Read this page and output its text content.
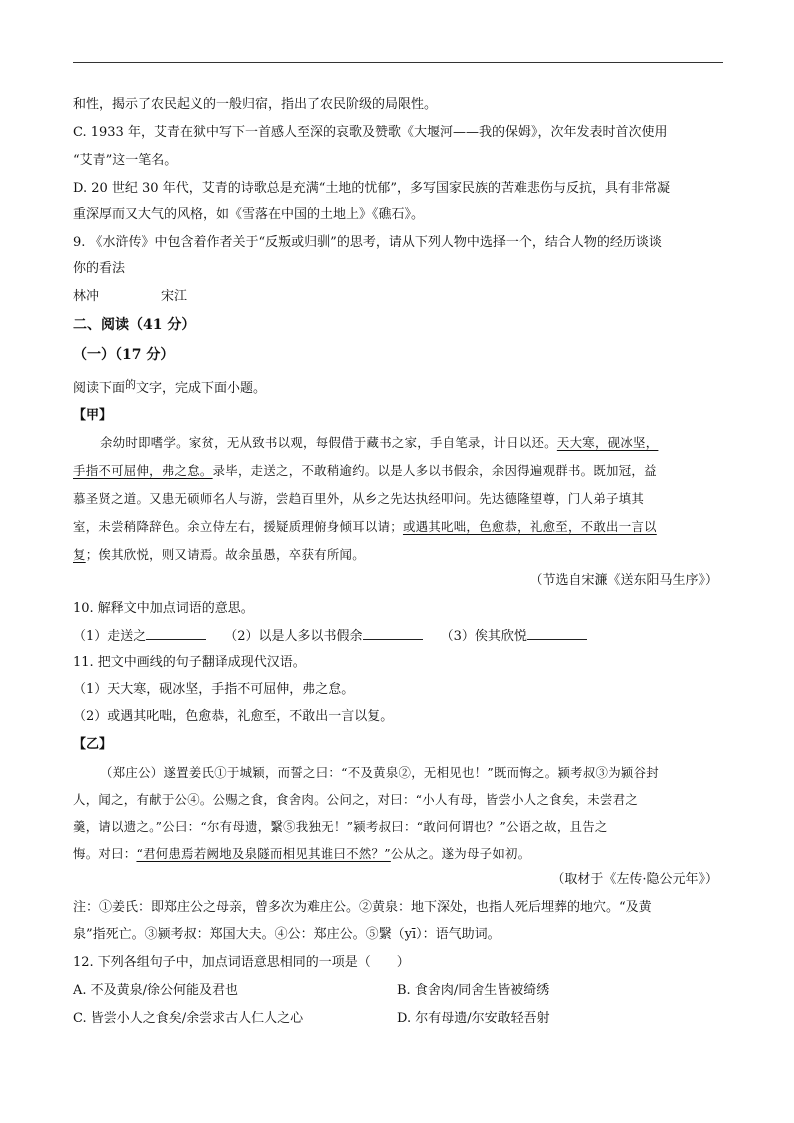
和性，揭示了农民起义的一般归宿，指出了农民阶级的局限性。
C. 1933 年，艾青在狱中写下一首感人至深的哀歌及赞歌《大堰河——我的保姆》，次年发表时首次使用
“艾青”这一笔名。
D. 20 世纪 30 年代，艾青的诗歌总是充满“土地的忧郁”，多写国家民族的苦难悲伤与反抗，具有非常凝
重深厚而又大气的风格，如《雪落在中国的土地上》《礁石》。
9. 《水浒传》中包含着作者关于“反叛或归驯”的思考，请从下列人物中选择一个，结合人物的经历谈谈
你的看法
林冲	宋江
二、阅读（41 分）
（一）（17 分）
阅读下面$^的$文字，完成下面小题。
【甲】
余幼时即嗜学。家贫，无从致书以观，每假借于藏书之家，手自笔录，计日以还。天大寒，砚冰坚，
手指不可屈伸，弗之怠。录毕，走送之，不敢稍逾约。以是人多以书假余，余因得遍观群书。既加冠，益
慕圣贤之道。又患无硕师名人与游，尝趋百里外，从乡之先达执经叩问。先达德隆望尊，门人弟子填其
室，未尝稍降辞色。余立侍左右，援疑质理俯身倾耳以请；或遇其叱咄，色愈恭，礼愈至，不敢出一言以
复；俟其欣悦，则又请焉。故余虽愚，卒获有所闻。
（节选自宋濂《送东阳马生序》）
10. 解释文中加点词语的意思。
（1）走送之	（2）以是人多以书假余	（3）俟其欣悦
11. 把文中画线的句子翻译成现代汉语。
（1）天大寒，砚冰坚，手指不可屈伸，弗之怠。
（2）或遇其叱咄，色愈恭，礼愈至，不敢出一言以复。
【乙】
（郑庄公）遂置姜氏①于城颖，而誓之曰：“不及黄泉②，无相见也！”既而悔之。颍考叔③为颍谷封
人，闻之，有献于公④。公赐之食，食舍肉。公问之，对曰：“小人有母，皆尝小人之食矣，未尝君之
羹，请以遗之。”公曰：“尔有母遗，繄⑤我独无！”颍考叔曰：“敢问何谓也？”公语之故，且告之
悔。对曰：“君何患焉若阙地及泉隧而相见其谁曰不然？”公从之。遂为母子如初。
（取材于《左传·隐公元年》）
注：①姜氏：即郑庄公之母亲，曾多次为难庄公。②黄泉：地下深处，也指人死后埋葬的地穴。“及黄
泉”指死亡。③颍考叔：郑国大夫。④公：郑庄公。⑤繄（yī）：语气助词。
12. 下列各组句子中，加点词语意思相同的一项是（　　）
A. 不及黄泉/徐公何能及君也	B. 食舍肉/同舍生皆被绮绣
C. 皆尝小人之食矣/余尝求古人仁人之心	D. 尔有母遗/尔安敢轻吾射
